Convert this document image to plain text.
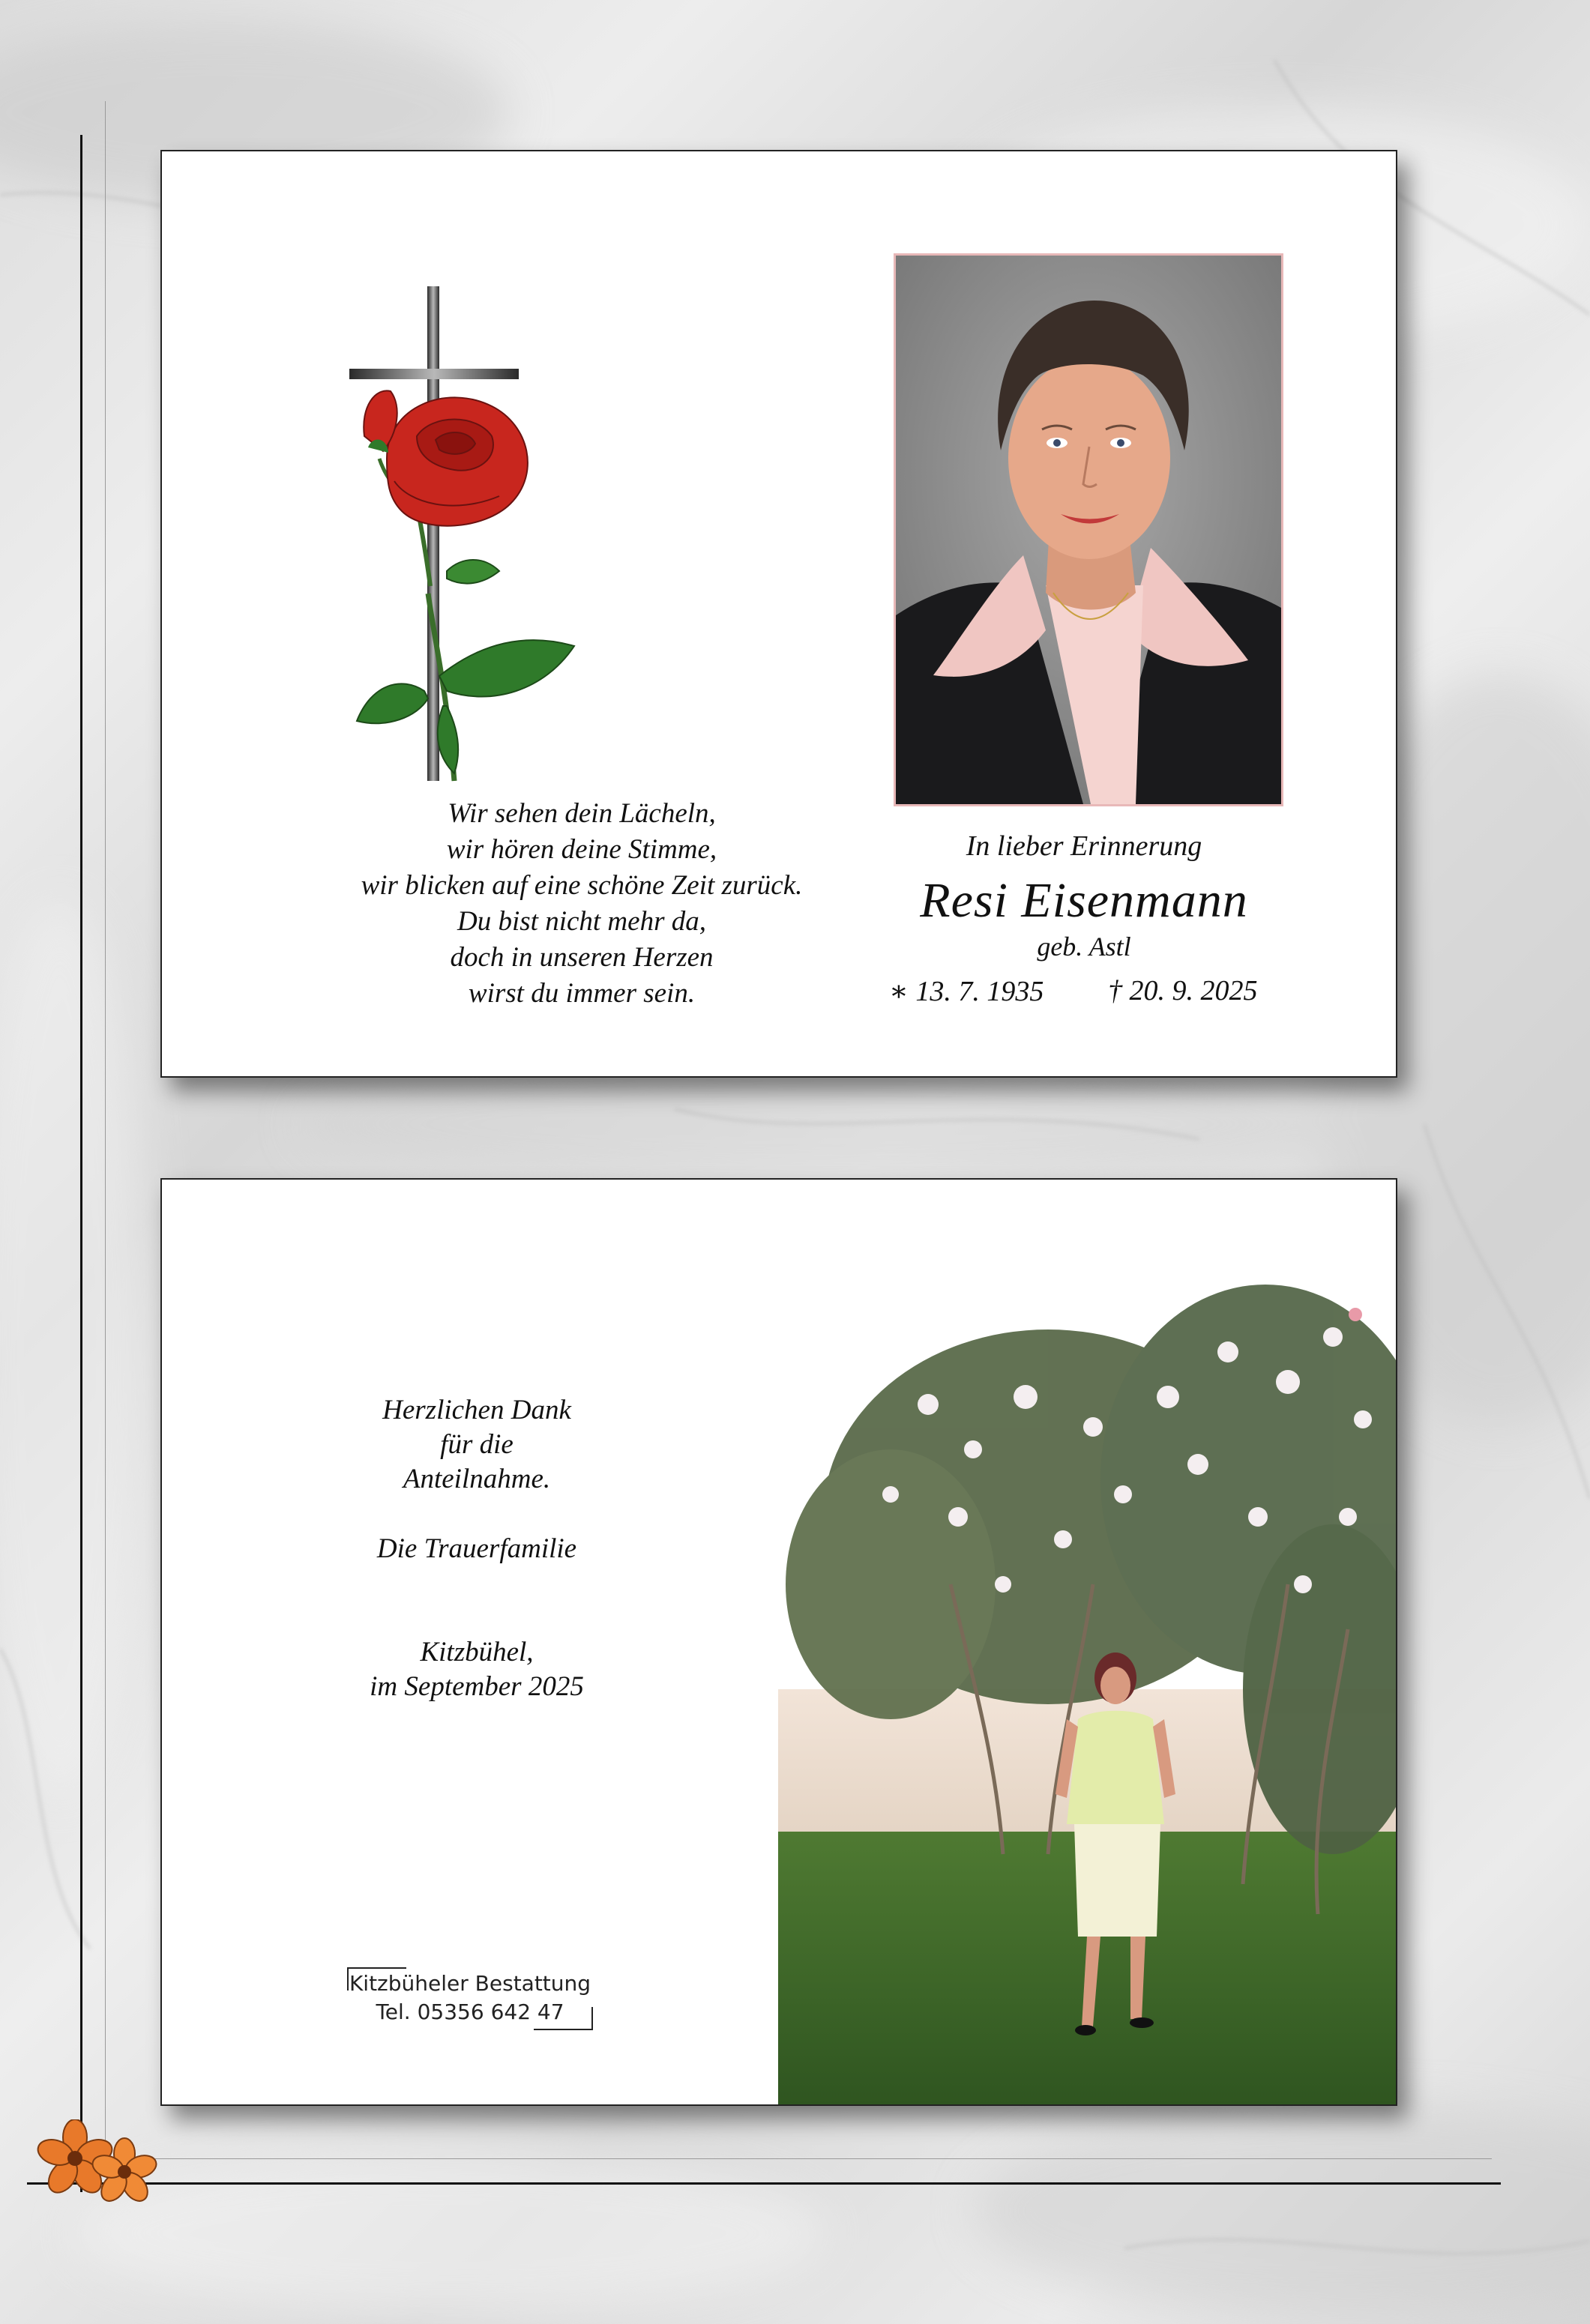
Wir sehen dein Lächeln,
wir hören deine Stimme,
wir blicken auf eine schöne Zeit zurück.
Du bist nicht mehr da,
doch in unseren Herzen
wirst du immer sein.
In lieber Erinnerung
Resi Eisenmann
geb. Astl
∗ 13. 7. 1935 † 20. 9. 2025
Herzlichen Dank
für die
Anteilnahme.
Die Trauerfamilie
Kitzbühel,
im September 2025
Kitzbüheler Bestattung
Tel. 05356 642 47
